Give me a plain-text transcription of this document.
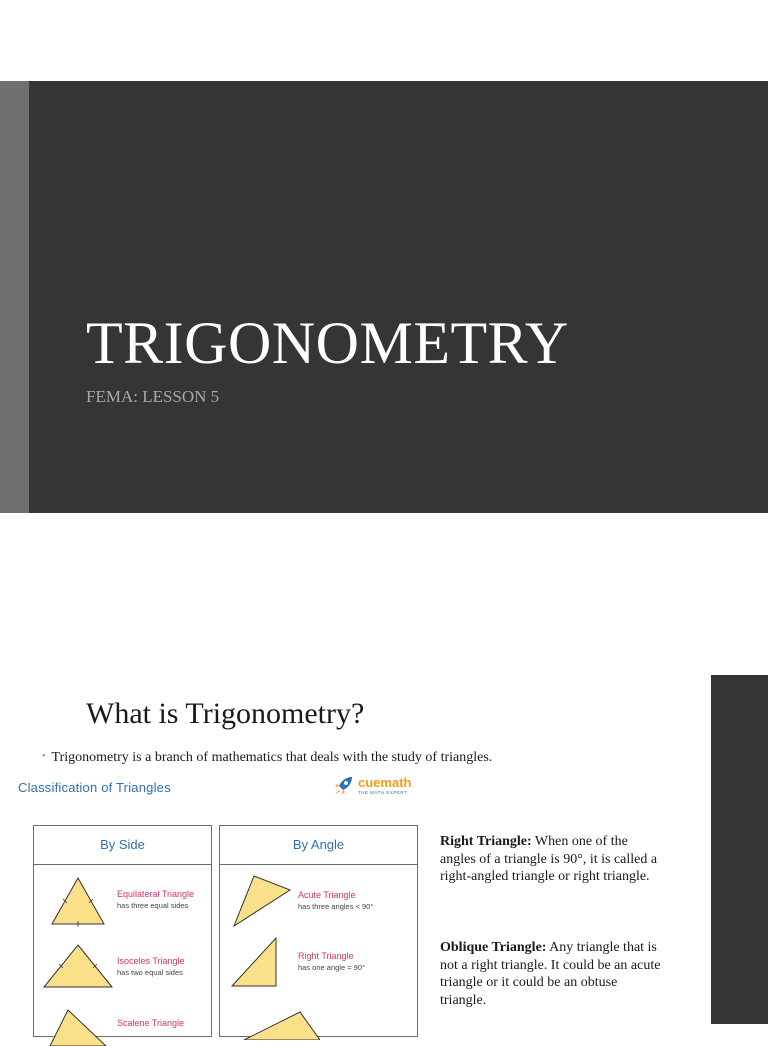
TRIGONOMETRY
FEMA: LESSON 5
What is Trigonometry?
• Trigonometry is a branch of mathematics that deals with the study of triangles.
Classification of Triangles	cuemath
THE MATH EXPERT
By Side
Equilateral Triangle
has three equal sides
Isoceles Triangle
has two equal sides
Scalene Triangle
By Angle
Acute Triangle
has three angles < 90°
Right Triangle
has one angle = 90°
Right Triangle: When one of the angles of a triangle is 90°, it is called a right-angled triangle or right triangle.
Oblique Triangle: Any triangle that is not a right triangle. It could be an acute triangle or it could be an obtuse triangle.
